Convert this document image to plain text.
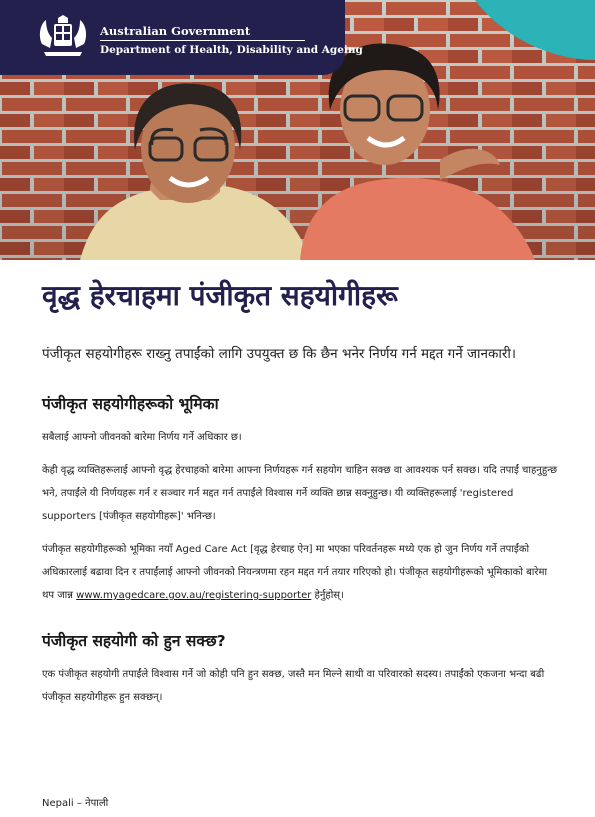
Australian Government
Department of Health, Disability and Ageing
वृद्ध हेरचाहमा पंजीकृत सहयोगीहरू

पंजीकृत सहयोगीहरू राख्नु तपाईंको लागि उपयुक्त छ कि छैन भनेर निर्णय गर्न मद्दत गर्ने जानकारी।

पंजीकृत सहयोगीहरूको भूमिका

सबैलाई आफ्नो जीवनको बारेमा निर्णय गर्ने अधिकार छ।

केही वृद्ध व्यक्तिहरूलाई आफ्नो वृद्ध हेरचाहको बारेमा आफ्ना निर्णयहरू गर्न सहयोग चाहिन सक्छ वा आवश्यक पर्न सक्छ। यदि तपाईं चाहनुहुन्छ भने, तपाईंले यी निर्णयहरू गर्न र सञ्चार गर्न मद्दत गर्न तपाईंले विश्वास गर्ने व्यक्ति छान्न सक्नुहुन्छ। यी व्यक्तिहरूलाई 'registered supporters [पंजीकृत सहयोगीहरू]' भनिन्छ।

पंजीकृत सहयोगीहरूको भूमिका नयाँ Aged Care Act [वृद्ध हेरचाह ऐन] मा भएका परिवर्तनहरू मध्ये एक हो जुन निर्णय गर्ने तपाईंको अधिकारलाई बढावा दिन र तपाईंलाई आफ्नो जीवनको नियन्त्रणमा रहन मद्दत गर्न तयार गरिएको हो। पंजीकृत सहयोगीहरूको भूमिकाको बारेमा थप जान्न www.myagedcare.gov.au/registering-supporter हेर्नुहोस्।

पंजीकृत सहयोगी को हुन सक्छ?

एक पंजीकृत सहयोगी तपाईंले विश्वास गर्ने जो कोही पनि हुन सक्छ, जस्तै मन मिल्ने साथी वा परिवारको सदस्य। तपाईंको एकजना भन्दा बढी पंजीकृत सहयोगीहरू हुन सक्छन्।

Nepali – नेपाली
